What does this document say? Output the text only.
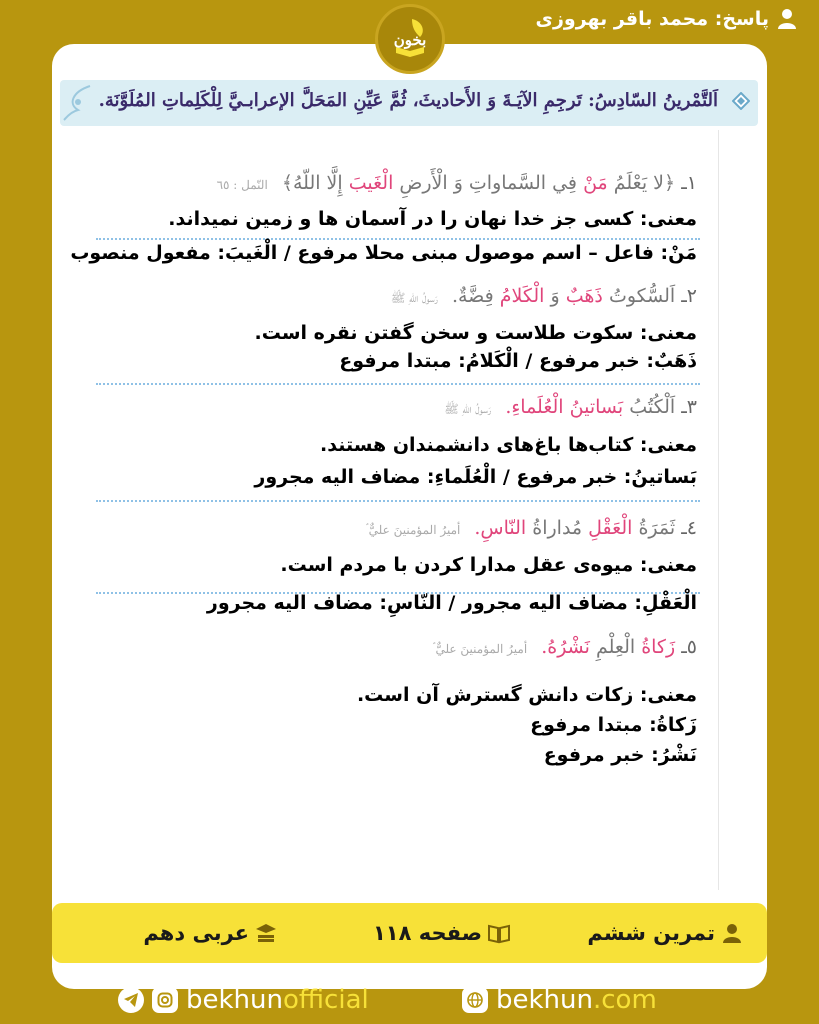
پاسخ: محمد باقر بهروزی
بخون
اَلتَّمْرينُ السّادِسُ: تَرجِمِ الآيَـةَ وَ الأَحاديثَ، ثُمَّ عَيِّنِ المَحَلَّ الإعرابـيَّ لِلْکَلِماتِ المُلَوَّنَة.
١ـ ﴿لا يَعْلَمُ مَنْ فِي السَّماواتِ وَ الْأَرضِ الْغَيبَ إِلَّا اللّهُ﴾ النّمل : ٦٥
معنی: کسی جز خدا نهان را در آسمان ها و زمین نمیداند.
مَنْ: فاعل – اسم موصول مبنی محلا مرفوع / الْغَيبَ: مفعول منصوب
٢ـ اَلسُّکوتُ ذَهَبٌ وَ الْکَلامُ فِضَّةٌ. رَسولُ اللهِ ﷺ
معنی: سکوت طلاست و سخن گفتن نقره است.
ذَهَبٌ: خبر مرفوع / الْكَلامُ: مبتدا مرفوع
٣ـ اَلْکُتُبُ بَساتينُ الْعُلَماءِ. رَسولُ اللهِ ﷺ
معنی: کتاب‌ها باغ‌های دانشمندان هستند.
بَساتينُ: خبر مرفوع / الْعُلَماءِ: مضاف اليه مجرور
٤ـ ثَمَرَةُ الْعَقْلِ مُداراةُ النّاسِ. أميرُ المؤمنينَ عليٌّ ؑ
معنی: میوه‌ی عقل مدارا کردن با مردم است.
الْعَقْلِ: مضاف اليه مجرور / النّاسِ: مضاف اليه مجرور
٥ـ زَکاةُ الْعِلْمِ نَشْرُهُ. أميرُ المؤمنينَ عليٌّ ؑ
معنی: زکات دانش گسترش آن است.
زَکاةُ: مبتدا مرفوع
نَشْرُ: خبر مرفوع
تمرین ششم
صفحه ۱۱۸
عربی دهم
bekhunofficial	bekhun.com
